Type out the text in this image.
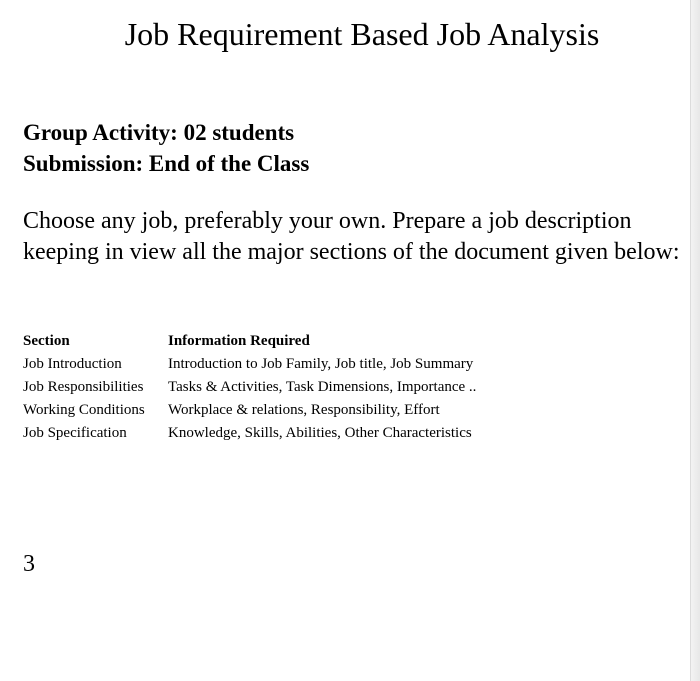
Job Requirement Based Job Analysis
Group Activity: 02 students
Submission: End of the Class

Choose any job, preferably your own. Prepare a job description keeping in view all the major sections of the document given below:

Section	Information Required
Job Introduction	Introduction to Job Family, Job title, Job Summary
Job Responsibilities	Tasks & Activities, Task Dimensions, Importance ..
Working Conditions	Workplace & relations, Responsibility, Effort
Job Specification	Knowledge, Skills, Abilities, Other Characteristics
3
